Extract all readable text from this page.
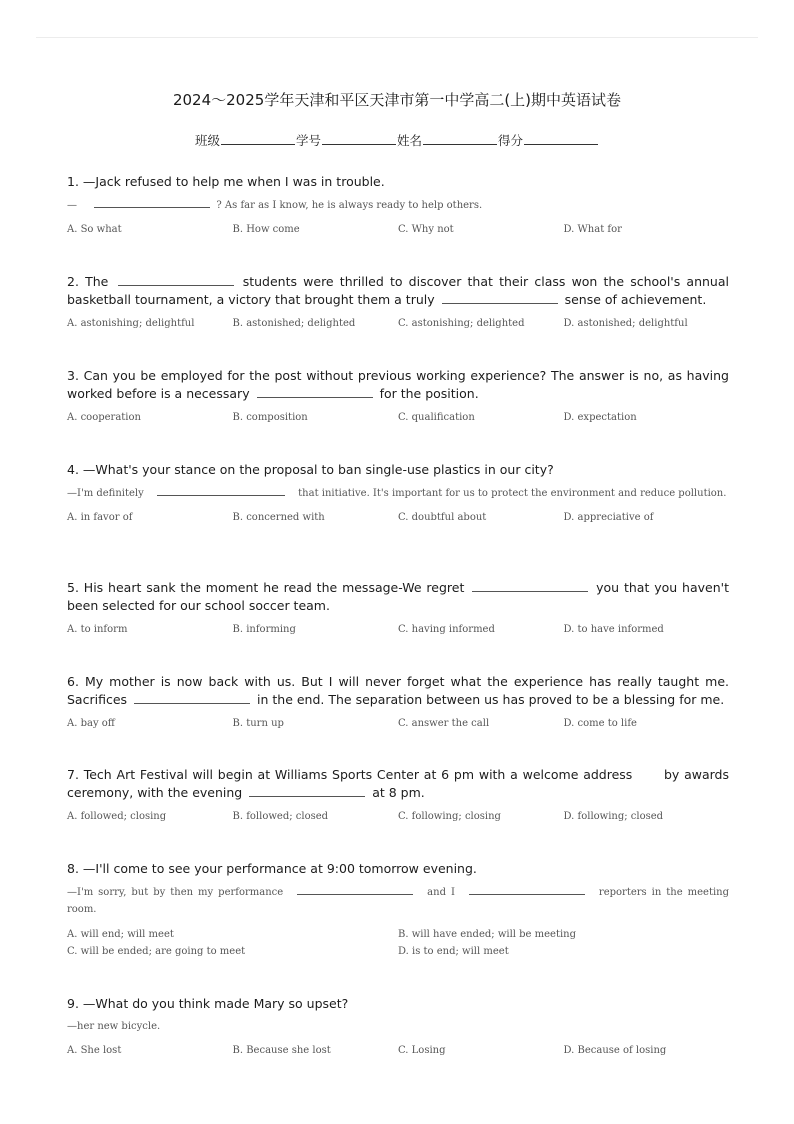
2024～2025学年天津和平区天津市第一中学高二(上)期中英语试卷
班级	学号	姓名	得分
1. —Jack refused to help me when I was in trouble.
—	? As far as I know, he is always ready to help others.
A. So what	B. How come	C. Why not	D. What for
2. The	students were thrilled to discover that their class won the school's annual basketball tournament, a victory that brought them a truly	sense of achievement.
A. astonishing; delightful	B. astonished; delighted	C. astonishing; delighted	D. astonished; delightful
3. Can you be employed for the post without previous working experience? The answer is no, as having worked before is a necessary	for the position.
A. cooperation	B. composition	C. qualification	D. expectation
4. —What's your stance on the proposal to ban single-use plastics in our city?
—I'm definitely	that initiative. It's important for us to protect the environment and reduce pollution.
A. in favor of	B. concerned with	C. doubtful about	D. appreciative of
5. His heart sank the moment he read the message-We regret	you that you haven't been selected for our school soccer team.
A. to inform	B. informing	C. having informed	D. to have informed
6. My mother is now back with us. But I will never forget what the experience has really taught me. Sacrifices	in the end. The separation between us has proved to be a blessing for me.
A. bay off	B. turn up	C. answer the call	D. come to life
7. Tech Art Festival will begin at Williams Sports Center at 6 pm with a welcome address	by awards ceremony, with the evening	at 8 pm.
A. followed; closing	B. followed; closed	C. following; closing	D. following; closed
8. —I'll come to see your performance at 9:00 tomorrow evening.
—I'm sorry, but by then my performance	and I	reporters in the meeting room.
A. will end; will meet	B. will have ended; will be meeting
C. will be ended; are going to meet	D. is to end; will meet
9. —What do you think made Mary so upset?
—her new bicycle.
A. She lost	B. Because she lost	C. Losing	D. Because of losing
